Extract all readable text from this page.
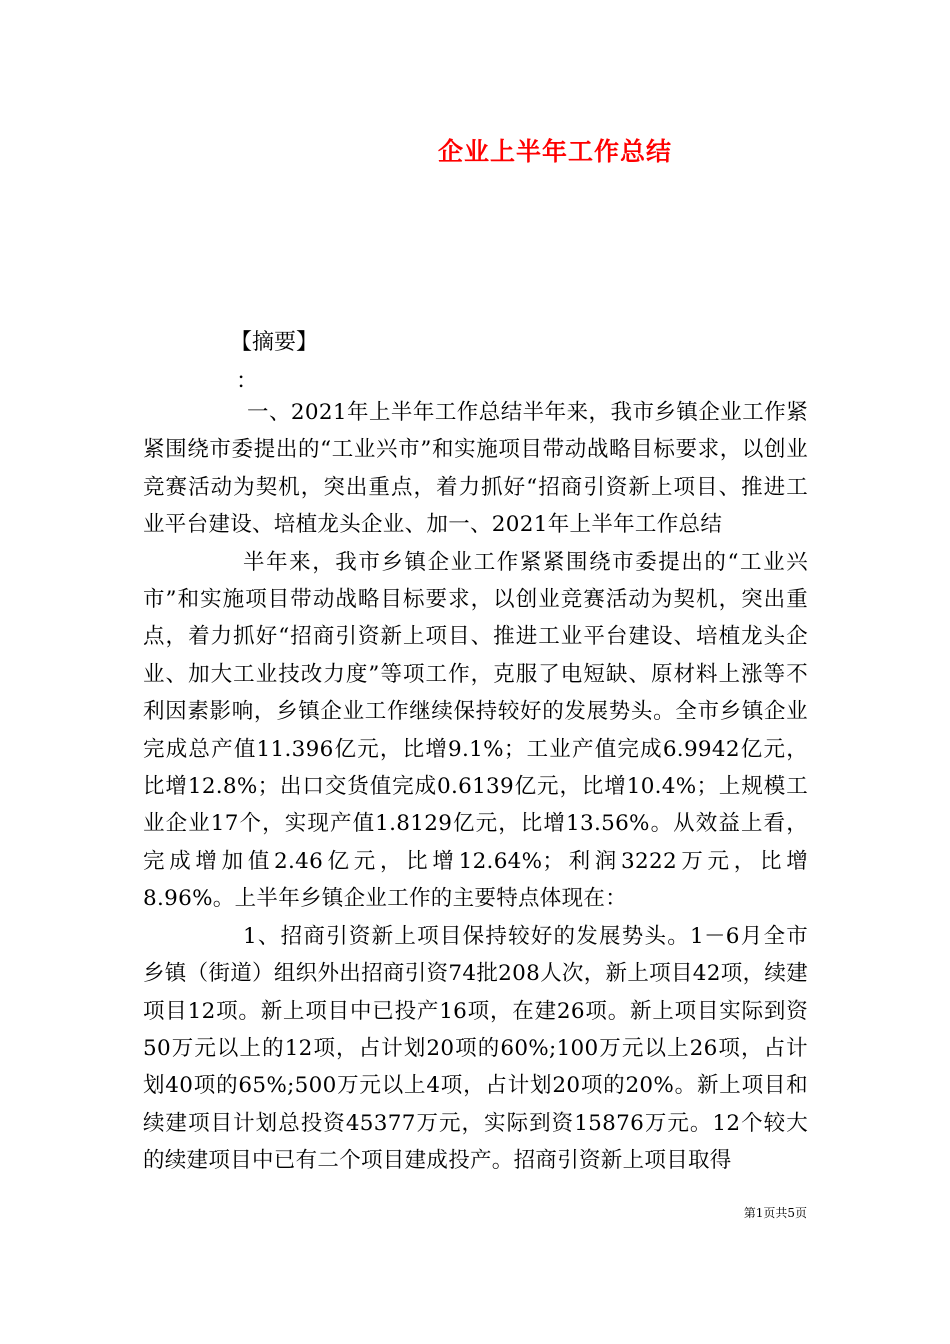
企业上半年工作总结

【摘要】

：

一、2021年上半年工作总结半年来，我市乡镇企业工作紧紧围绕市委提出的“工业兴市”和实施项目带动战略目标要求，以创业竞赛活动为契机，突出重点，着力抓好“招商引资新上项目、推进工业平台建设、培植龙头企业、加一、2021年上半年工作总结

半年来，我市乡镇企业工作紧紧围绕市委提出的“工业兴市”和实施项目带动战略目标要求，以创业竞赛活动为契机，突出重点，着力抓好“招商引资新上项目、推进工业平台建设、培植龙头企业、加大工业技改力度”等项工作，克服了电短缺、原材料上涨等不利因素影响，乡镇企业工作继续保持较好的发展势头。全市乡镇企业完成总产值11.396亿元，比增9.1%；工业产值完成6.9942亿元，比增12.8%；出口交货值完成0.6139亿元，比增10.4%；上规模工业企业17个，实现产值1.8129亿元，比增13.56%。从效益上看，完成增加值2.46亿元，比增12.64%；利润3222万元，比增8.96%。上半年乡镇企业工作的主要特点体现在：

1、招商引资新上项目保持较好的发展势头。1－6月全市乡镇（街道）组织外出招商引资74批208人次，新上项目42项，续建项目12项。新上项目中已投产16项，在建26项。新上项目实际到资50万元以上的12项，占计划20项的60%;100万元以上26项，占计划40项的65%;500万元以上4项，占计划20项的20%。新上项目和续建项目计划总投资45377万元，实际到资15876万元。12个较大的续建项目中已有二个项目建成投产。招商引资新上项目取得

第1页共5页
